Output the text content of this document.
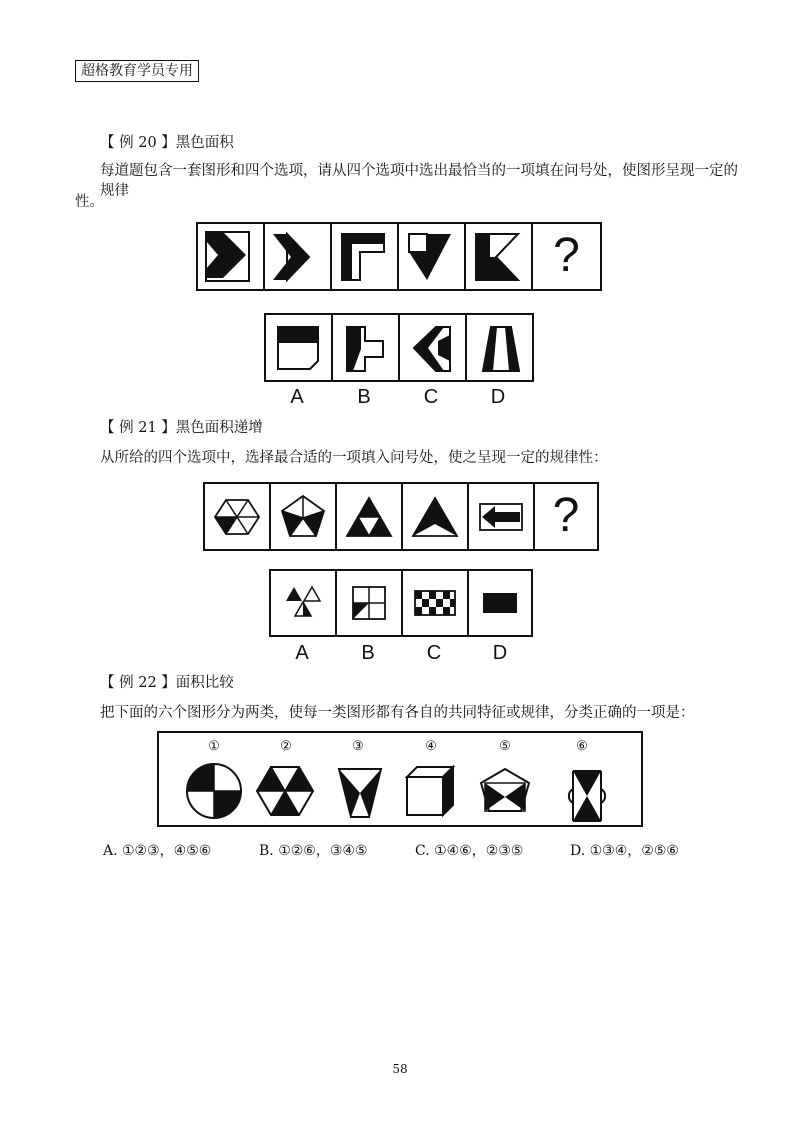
超格教育学员专用
【 例 20 】黑色面积
每道题包含一套图形和四个选项，请从四个选项中选出最恰当的一项填在问号处，使图形呈现一定的规律
性。
?
A	B	C	D
【 例 21 】黑色面积递增
从所给的四个选项中，选择最合适的一项填入问号处，使之呈现一定的规律性：
?
A	B	C	D
【 例 22 】面积比较
把下面的六个图形分为两类，使每一类图形都有各自的共同特征或规律，分类正确的一项是：
①	②	③	④	⑤	⑥
A. ①②③，④⑤⑥	B. ①②⑥，③④⑤	C. ①④⑥，②③⑤	D. ①③④，②⑤⑥
58
